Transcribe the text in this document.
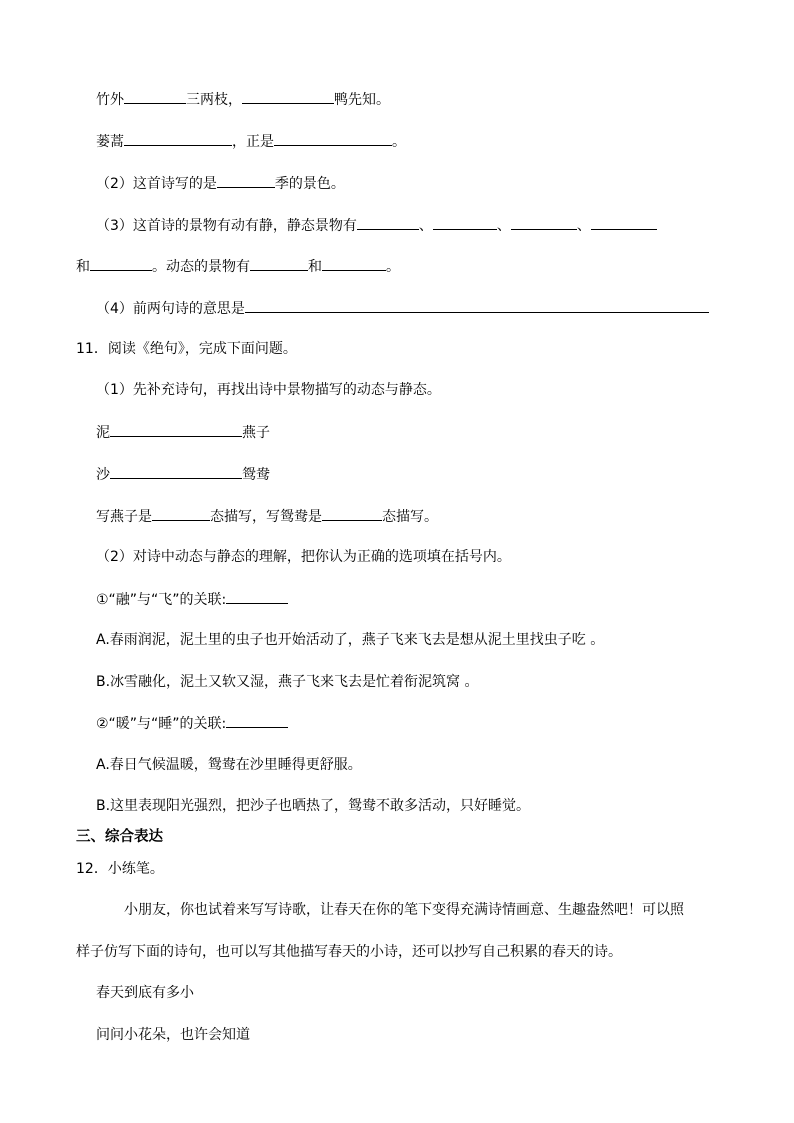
竹外	三两枝，	鸭先知。
蒌蒿	，正是	。
（2）这首诗写的是	季的景色。
（3）这首诗的景物有动有静，静态景物有	、	、	、
和	。动态的景物有	和	。
（4）前两句诗的意思是
11．阅读《绝句》，完成下面问题。
（1）先补充诗句，再找出诗中景物描写的动态与静态。
泥	燕子
沙	鸳鸯
写燕子是	态描写，写鸳鸯是	态描写。
（2）对诗中动态与静态的理解，把你认为正确的选项填在括号内。
①“融”与“飞”的关联:
A.春雨润泥，泥土里的虫子也开始活动了，燕子飞来飞去是想从泥土里找虫子吃 。
B.冰雪融化，泥土又软又湿，燕子飞来飞去是忙着衔泥筑窝 。
②“暖”与“睡”的关联:
A.春日气候温暖，鸳鸯在沙里睡得更舒服。
B.这里表现阳光强烈，把沙子也晒热了，鸳鸯不敢多活动，只好睡觉。
三、综合表达
12．小练笔。
小朋友，你也试着来写写诗歌，让春天在你的笔下变得充满诗情画意、生趣盎然吧！可以照
样子仿写下面的诗句，也可以写其他描写春天的小诗，还可以抄写自己积累的春天的诗。
春天到底有多小
问问小花朵，也许会知道
